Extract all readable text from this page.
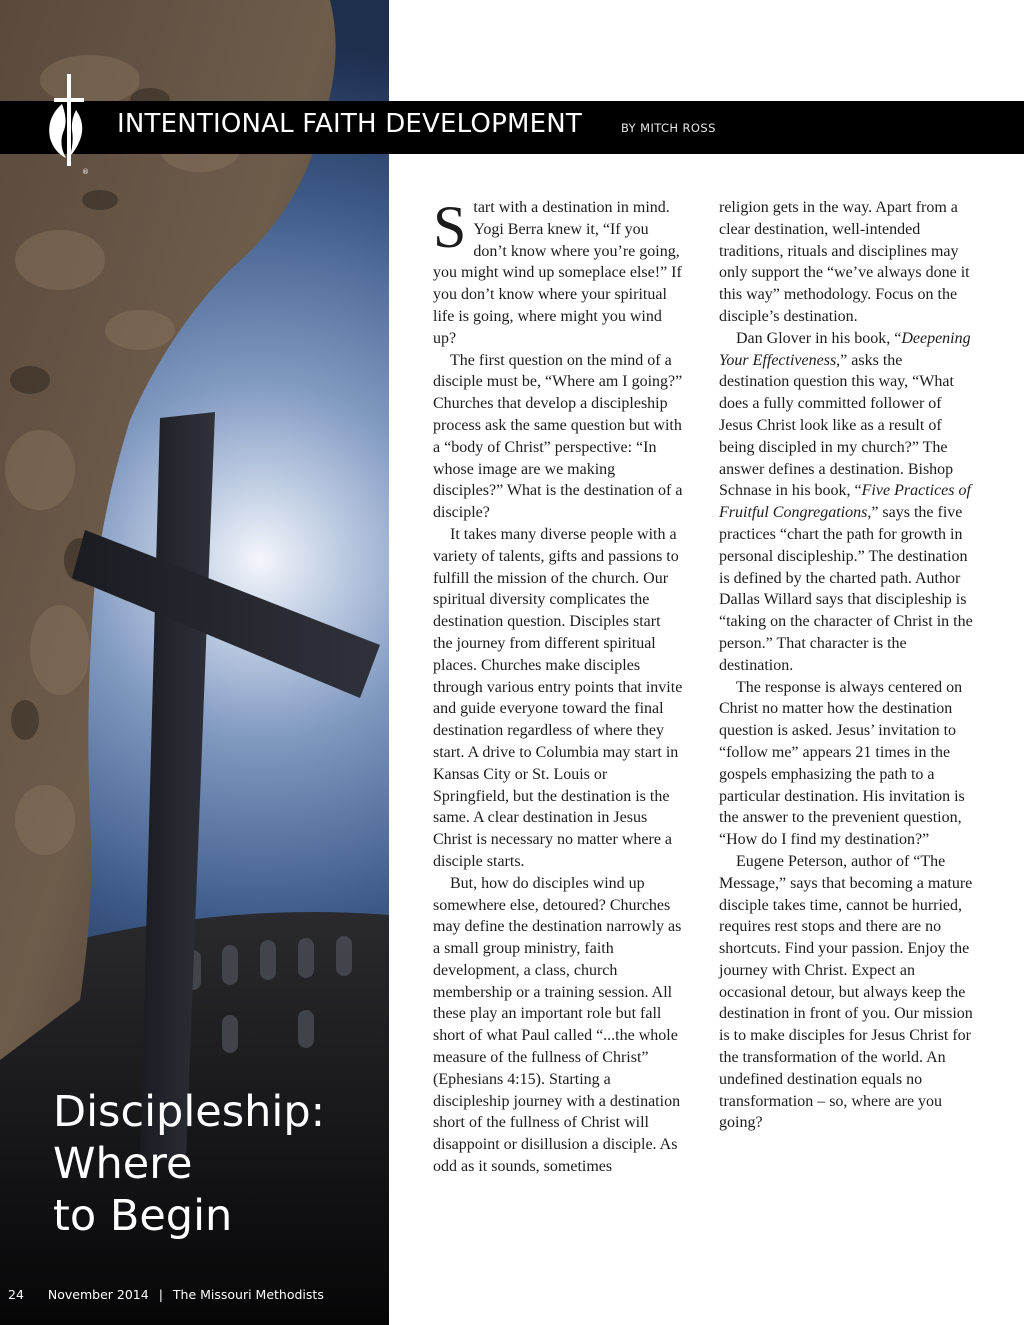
®
INTENTIONAL FAITH DEVELOPMENT	BY MITCH ROSS
Discipleship:
Where
to Begin
24 November 2014 | The Missouri Methodists

Start with a destination in mind. Yogi Berra knew it, “If you don’t know where you’re going, you might wind up someplace else!” If you don’t know where your spiritual life is going, where might you wind up?

The first question on the mind of a disciple must be, “Where am I going?” Churches that develop a discipleship process ask the same question but with a “body of Christ” perspective: “In whose image are we making disciples?” What is the destination of a disciple?

It takes many diverse people with a variety of talents, gifts and passions to fulfill the mission of the church. Our spiritual diversity complicates the destination question. Disciples start the journey from different spiritual places. Churches make disciples through various entry points that invite and guide everyone toward the final destination regardless of where they start. A drive to Columbia may start in Kansas City or St. Louis or Springfield, but the destination is the same. A clear destination in Jesus Christ is necessary no matter where a disciple starts.

But, how do disciples wind up somewhere else, detoured? Churches may define the destination narrowly as a small group ministry, faith development, a class, church membership or a training session. All these play an important role but fall short of what Paul called “...the whole measure of the fullness of Christ” (Ephesians 4:15). Starting a discipleship journey with a destination short of the fullness of Christ will disappoint or disillusion a disciple. As odd as it sounds, sometimes

religion gets in the way. Apart from a clear destination, well-intended traditions, rituals and disciplines may only support the “we’ve always done it this way” methodology. Focus on the disciple’s destination.

Dan Glover in his book, “Deepening Your Effectiveness,” asks the destination question this way, “What does a fully committed follower of Jesus Christ look like as a result of being discipled in my church?” The answer defines a destination. Bishop Schnase in his book, “Five Practices of Fruitful Congregations,” says the five practices “chart the path for growth in personal discipleship.” The destination is defined by the charted path. Author Dallas Willard says that discipleship is “taking on the character of Christ in the person.” That character is the destination.

The response is always centered on Christ no matter how the destination question is asked. Jesus’ invitation to “follow me” appears 21 times in the gospels emphasizing the path to a particular destination. His invitation is the answer to the prevenient question, “How do I find my destination?”

Eugene Peterson, author of “The Message,” says that becoming a mature disciple takes time, cannot be hurried, requires rest stops and there are no shortcuts. Find your passion. Enjoy the journey with Christ. Expect an occasional detour, but always keep the destination in front of you. Our mission is to make disciples for Jesus Christ for the transformation of the world. An undefined destination equals no transformation – so, where are you going?
